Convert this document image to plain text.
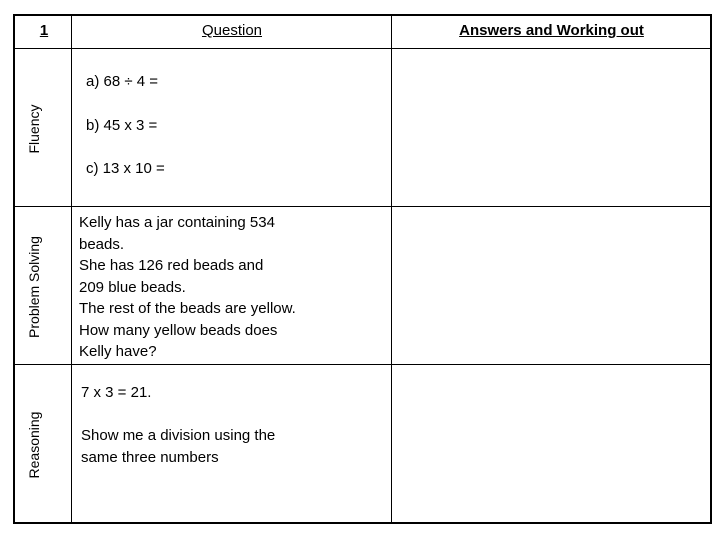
1	Question	Answers and Working out
Fluency
Problem Solving
Reasoning
a) 68 ÷ 4 =
b) 45 x 3 =
c) 13 x 10 =
Kelly has a jar containing 534
beads.
She has 126 red beads and
209 blue beads.
The rest of the beads are yellow.
How many yellow beads does
Kelly have?
7 x 3 = 21.
Show me a division using the
same three numbers
